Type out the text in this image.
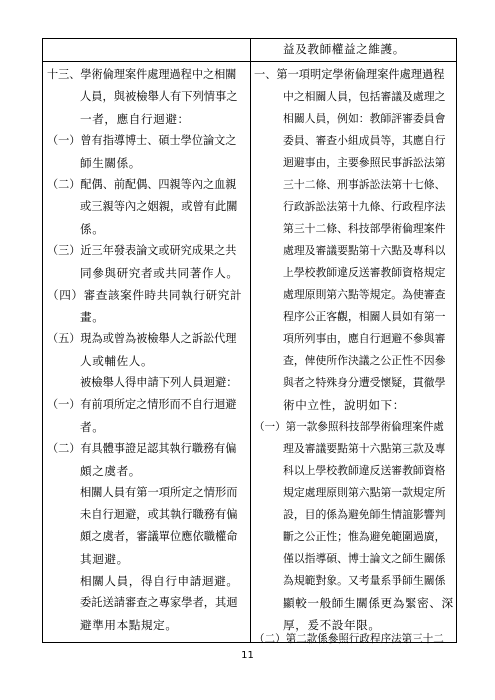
益及教師權益之維護。
十三、學術倫理案件處理過程中之相關
人員，與被檢舉人有下列情事之
一者，應自行迴避：
（一）曾有指導博士、碩士學位論文之
師生關係。
（二）配偶、前配偶、四親等內之血親
或三親等內之姻親，或曾有此關
係。
（三）近三年發表論文或研究成果之共
同參與研究者或共同著作人。
（四）審查該案件時共同執行研究計
畫。
（五）現為或曾為被檢舉人之訴訟代理
人或輔佐人。
被檢舉人得申請下列人員迴避：
（一）有前項所定之情形而不自行迴避
者。
（二）有具體事證足認其執行職務有偏
頗之虞者。
相關人員有第一項所定之情形而
未自行迴避，或其執行職務有偏
頗之虞者，審議單位應依職權命
其迴避。
相關人員，得自行申請迴避。
委託送請審查之專家學者，其迴
避準用本點規定。
一、第一項明定學術倫理案件處理過程
中之相關人員，包括審議及處理之
相關人員，例如：教師評審委員會
委員、審查小組成員等，其應自行
迴避事由，主要參照民事訴訟法第
三十二條、刑事訴訟法第十七條、
行政訴訟法第十九條、行政程序法
第三十二條、科技部學術倫理案件
處理及審議要點第十六點及專科以
上學校教師違反送審教師資格規定
處理原則第六點等規定。為使審查
程序公正客觀，相關人員如有第一
項所列事由，應自行迴避不參與審
查，俾使所作決議之公正性不因參
與者之特殊身分遭受懷疑，貫徹學
術中立性，說明如下：
（一）第一款參照科技部學術倫理案件處
理及審議要點第十六點第三款及專
科以上學校教師違反送審教師資格
規定處理原則第六點第一款規定所
設，目的係為避免師生情誼影響判
斷之公正性；惟為避免範圍過廣，
僅以指導碩、博士論文之師生關係
為規範對象。又考量系爭師生關係
顯較一般師生關係更為緊密、深
厚，爰不設年限。
（二）第二款係參照行政程序法第三十二
11
